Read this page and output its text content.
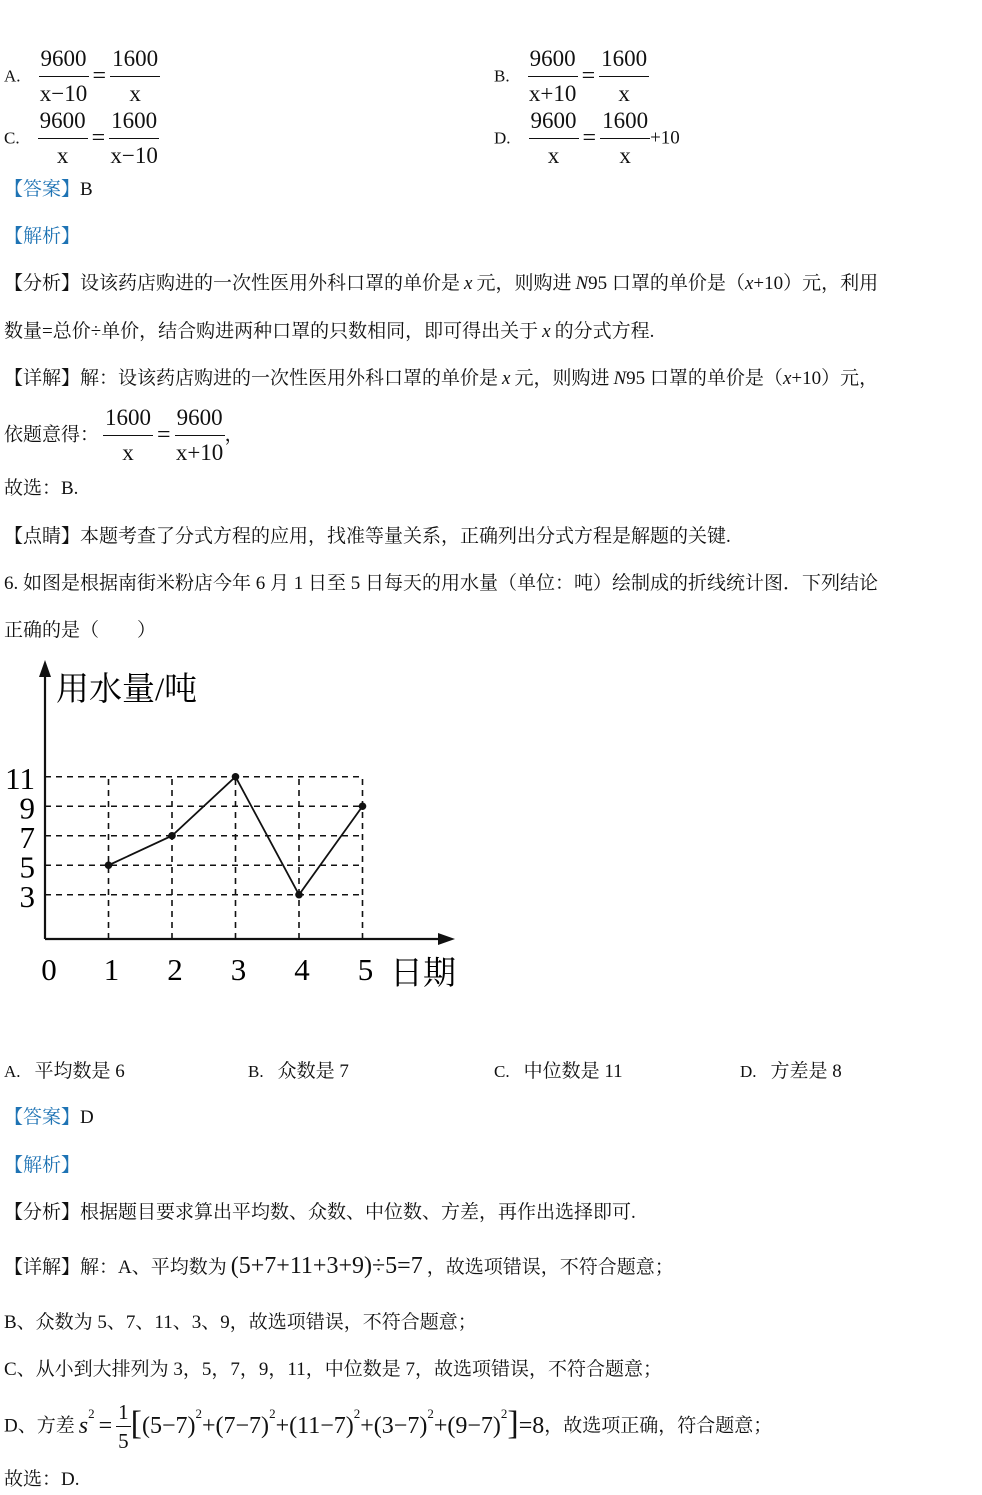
A. $\frac{9600}{x-10} = \frac{1600}{x}$	B. $\frac{9600}{x+10} = \frac{1600}{x}$
C. $\frac{9600}{x} = \frac{1600}{x-10}$	D. $\frac{9600}{x} = \frac{1600}{x} +10$
【答案】B
【解析】
【分析】设该药店购进的一次性医用外科口罩的单价是 x 元，则购进 N95 口罩的单价是（x+10）元，利用
数量=总价÷单价，结合购进两种口罩的只数相同，即可得出关于 x 的分式方程.
【详解】解：设该药店购进的一次性医用外科口罩的单价是 x 元，则购进 N95 口罩的单价是（x+10）元，
依题意得： $\frac{1600}{x} = \frac{9600}{x+10}$ ，
故选：B.
【点睛】本题考查了分式方程的应用，找准等量关系，正确列出分式方程是解题的关键.
6. 如图是根据南街米粉店今年 6 月 1 日至 5 日每天的用水量（单位：吨）绘制成的折线统计图．下列结论
正确的是（　　）
用水量/吨
日期
3
5
7
9
11
0 1 2 3 4 5
A. 平均数是 6	B. 众数是 7	C. 中位数是 11	D. 方差是 8
【答案】D
【解析】
【分析】根据题目要求算出平均数、众数、中位数、方差，再作出选择即可.
【详解】解：A、平均数为 (5+7+11+3+9)÷5=7 ，故选项错误，不符合题意；
B、众数为 5、7、11、3、9，故选项错误，不符合题意；
C、从小到大排列为 3，5，7，9，11，中位数是 7，故选项错误，不符合题意；
D、方差 $s^2 = \frac{1}{5} [(5-7)^2+(7-7)^2+(11-7)^2+(3-7)^2+(9-7)^2]=8$，故选项正确，符合题意；
故选：D.
